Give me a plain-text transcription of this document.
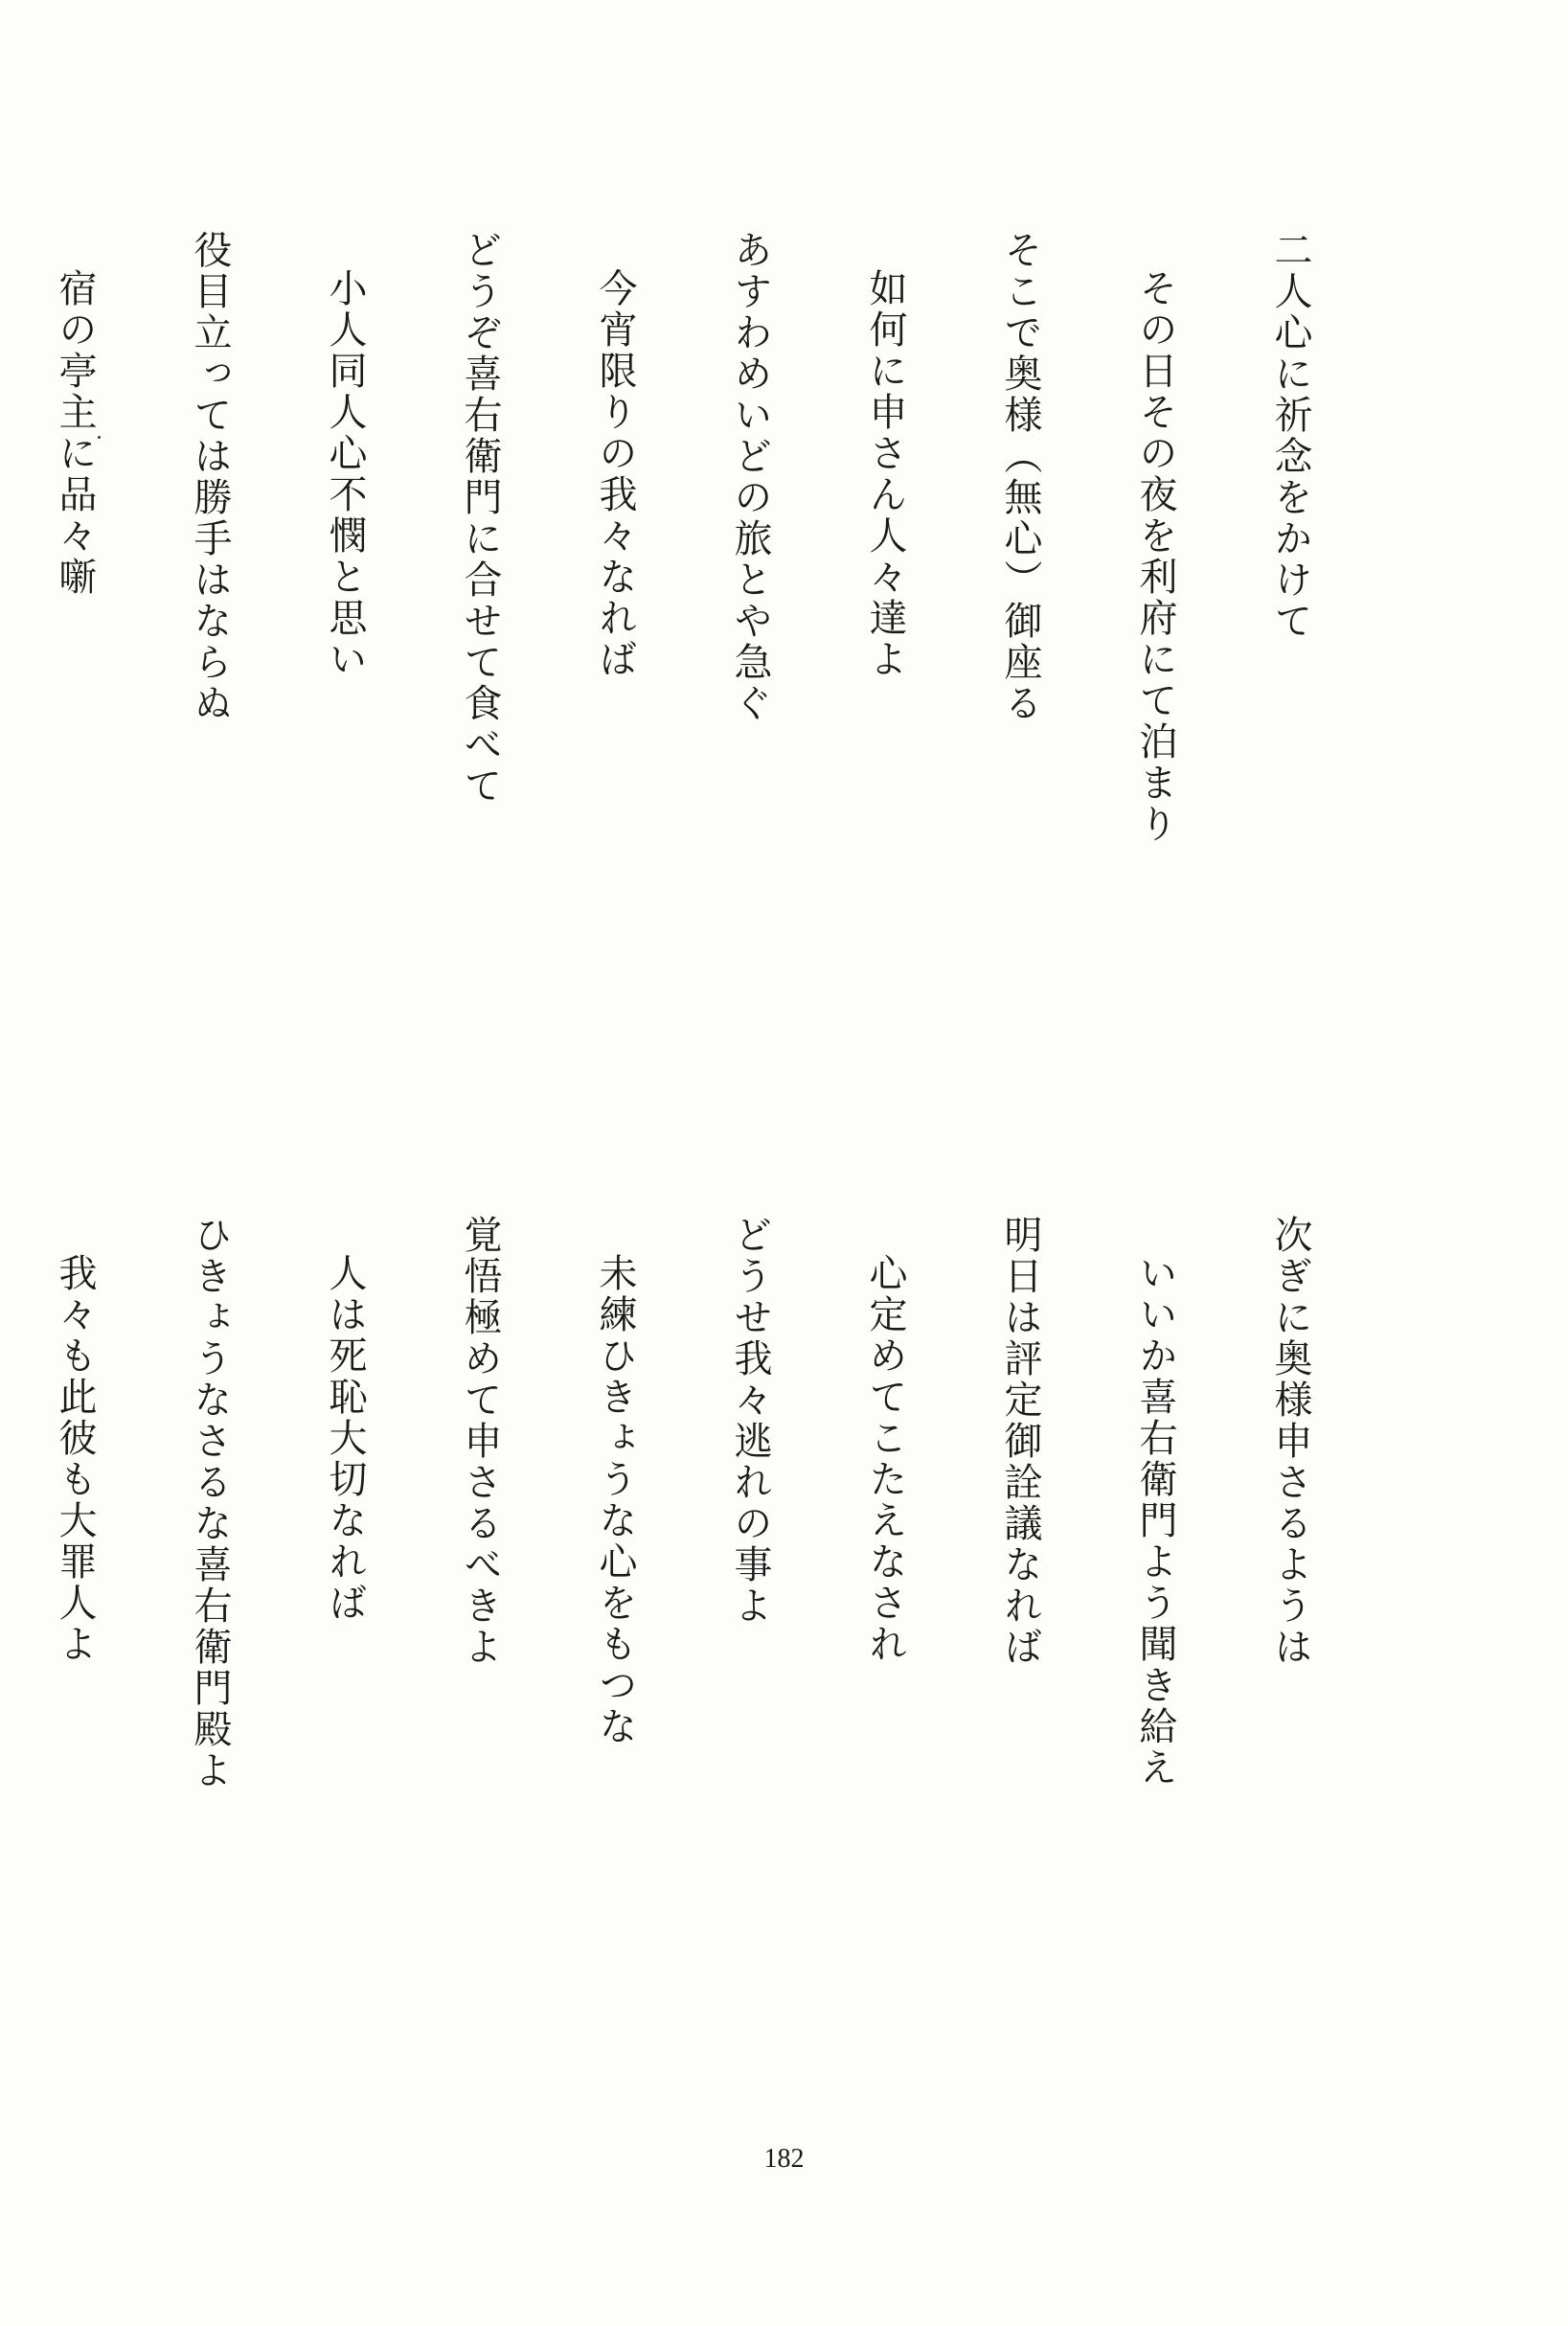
二人心に祈念をかけて
その日その夜を利府にて泊まり
そこで奥様（無心）御座る
如何に申さん人々達よ
あすわめいどの旅とや急ぐ
今宵限りの我々なれば
どうぞ喜右衛門に合せて食べて
小人同人心不憫と思い
役目立っては勝手はならぬ
宿の亭主に品々噺
次ぎに奥様申さるようは
いいか喜右衛門よう聞き給え
明日は評定御詮議なれば
心定めてこたえなされ
どうせ我々逃れの事よ
未練ひきょうな心をもつな
覚悟極めて申さるべきよ
人は死恥大切なれば
ひきょうなさるな喜右衛門殿よ
我々も此彼も大罪人よ
182
